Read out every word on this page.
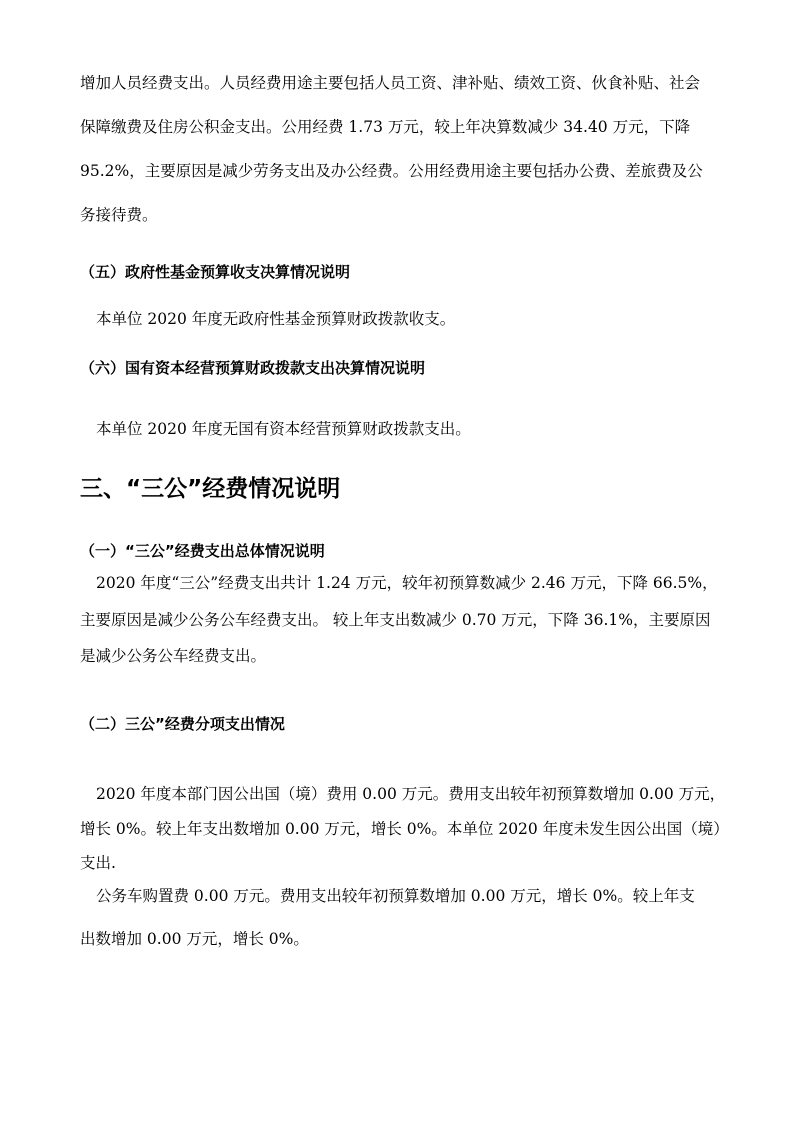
增加人员经费支出。人员经费用途主要包括人员工资、津补贴、绩效工资、伙食补贴、社会
保障缴费及住房公积金支出。公用经费 1.73 万元，较上年决算数减少 34.40 万元，下降
95.2%，主要原因是减少劳务支出及办公经费。公用经费用途主要包括办公费、差旅费及公
务接待费。
（五）政府性基金预算收支决算情况说明
本单位 2020 年度无政府性基金预算财政拨款收支。
（六）国有资本经营预算财政拨款支出决算情况说明
本单位 2020 年度无国有资本经营预算财政拨款支出。
三、“三公”经费情况说明
（一）“三公”经费支出总体情况说明
2020 年度“三公”经费支出共计 1.24 万元，较年初预算数减少 2.46 万元，下降 66.5%，
主要原因是减少公务公车经费支出。 较上年支出数减少 0.70 万元，下降 36.1%，主要原因
是减少公务公车经费支出。
（二）三公”经费分项支出情况
2020 年度本部门因公出国（境）费用 0.00 万元。费用支出较年初预算数增加 0.00 万元，
增长 0%。较上年支出数增加 0.00 万元，增长 0%。本单位 2020 年度未发生因公出国（境）
支出.
公务车购置费 0.00 万元。费用支出较年初预算数增加 0.00 万元，增长 0%。较上年支
出数增加 0.00 万元，增长 0%。
